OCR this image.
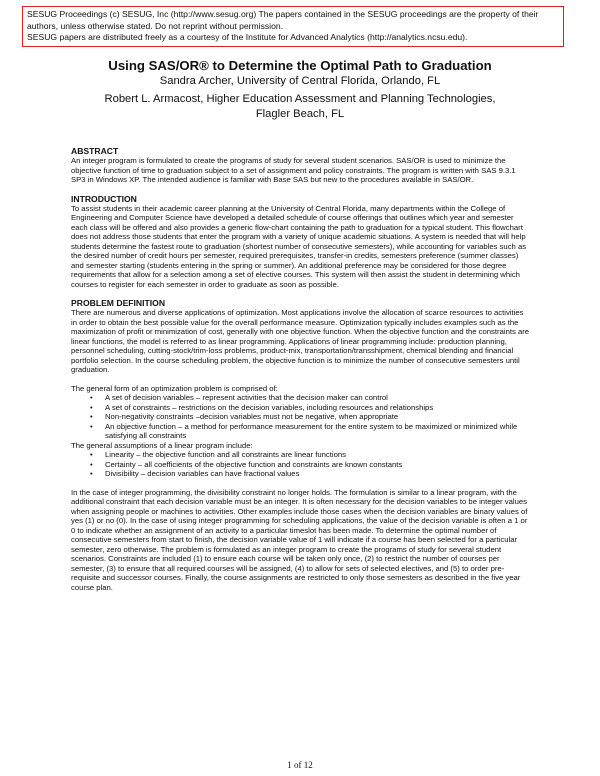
SESUG Proceedings (c) SESUG, Inc (http://www.sesug.org) The papers contained in the SESUG proceedings are the property of their authors, unless otherwise stated. Do not reprint without permission.

SESUG papers are distributed freely as a courtesy of the Institute for Advanced Analytics (http://analytics.ncsu.edu).

Using SAS/OR® to Determine the Optimal Path to Graduation
Sandra Archer, University of Central Florida, Orlando, FL
Robert L. Armacost, Higher Education Assessment and Planning Technologies,
Flagler Beach, FL
ABSTRACT

An integer program is formulated to create the programs of study for several student scenarios. SAS/OR is used to minimize the objective function of time to graduation subject to a set of assignment and policy constraints. The program is written with SAS 9.3.1 SP3 in Windows XP. The intended audience is familiar with Base SAS but new to the procedures available in SAS/OR.

INTRODUCTION

To assist students in their academic career planning at the University of Central Florida, many departments within the College of Engineering and Computer Science have developed a detailed schedule of course offerings that outlines which year and semester each class will be offered and also provides a generic flow-chart containing the path to graduation for a typical student. This flowchart does not address those students that enter the program with a variety of unique academic situations. A system is needed that will help students determine the fastest route to graduation (shortest number of consecutive semesters), while accounting for variables such as the desired number of credit hours per semester, required prerequisites, transfer-in credits, semesters preference (summer classes) and semester starting (students entering in the spring or summer). An additional preference may be considered for those degree requirements that allow for a selection among a set of elective courses. This system will then assist the student in determining which courses to register for each semester in order to graduate as soon as possible.

PROBLEM DEFINITION

There are numerous and diverse applications of optimization. Most applications involve the allocation of scarce resources to activities in order to obtain the best possible value for the overall performance measure. Optimization typically includes examples such as the maximization of profit or minimization of cost, generally with one objective function. When the objective function and the constraints are linear functions, the model is referred to as linear programming. Applications of linear programming include: production planning, personnel scheduling, cutting-stock/trim-loss problems, product-mix, transportation/transshipment, chemical blending and financial portfolio selection. In the course scheduling problem, the objective function is to minimize the number of consecutive semesters until graduation.

The general form of an optimization problem is comprised of:

• A set of decision variables – represent activities that the decision maker can control
• A set of constraints – restrictions on the decision variables, including resources and relationships
• Non-negativity constraints –decision variables must not be negative, when appropriate
• An objective function – a method for performance measurement for the entire system to be maximized or minimized while satisfying all constraints

The general assumptions of a linear program include:

• Linearity – the objective function and all constraints are linear functions
• Certainty – all coefficients of the objective function and constraints are known constants
• Divisibility – decision variables can have fractional values

In the case of integer programming, the divisibility constraint no longer holds. The formulation is similar to a linear program, with the additional constraint that each decision variable must be an integer. It is often necessary for the decision variables to be integer values when assigning people or machines to activities. Other examples include those cases when the decision variables are binary values of yes (1) or no (0). In the case of using integer programming for scheduling applications, the value of the decision variable is often a 1 or 0 to indicate whether an assignment of an activity to a particular timeslot has been made. To determine the optimal number of consecutive semesters from start to finish, the decision variable value of 1 will indicate if a course has been selected for a particular semester, zero otherwise. The problem is formulated as an integer program to create the programs of study for several student scenarios. Constraints are included (1) to ensure each course will be taken only once, (2) to restrict the number of courses per semester, (3) to ensure that all required courses will be assigned, (4) to allow for sets of selected electives, and (5) to order pre-requisite and successor courses. Finally, the course assignments are restricted to only those semesters as described in the five year course plan.

1 of 12
